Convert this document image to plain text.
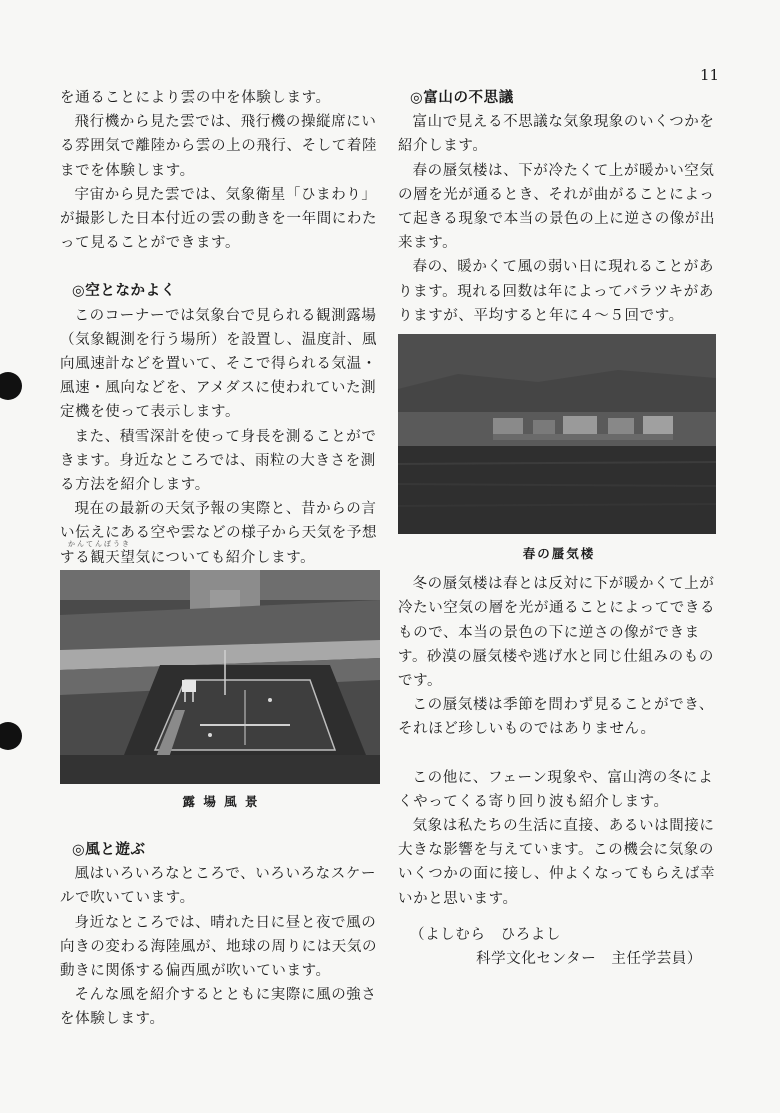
11

を通ることにより雲の中を体験します。

飛行機から見た雲では、飛行機の操縦席にいる雰囲気で離陸から雲の上の飛行、そして着陸までを体験します。

宇宙から見た雲では、気象衛星「ひまわり」が撮影した日本付近の雲の動きを一年間にわたって見ることができます。

◎空となかよく

このコーナーでは気象台で見られる観測露場（気象観測を行う場所）を設置し、温度計、風向風速計などを置いて、そこで得られる気温・風速・風向などを、アメダスに使われていた測定機を使って表示します。

また、積雪深計を使って身長を測ることができます。身近なところでは、雨粒の大きさを測る方法を紹介します。

現在の最新の天気予報の実際と、昔からの言い伝えにある空や雲などの様子から天気を予想する観天望気についても紹介します。

かんてんぼうき
露 場 風 景
◎風と遊ぶ

風はいろいろなところで、いろいろなスケールで吹いています。

身近なところでは、晴れた日に昼と夜で風の向きの変わる海陸風が、地球の周りには天気の動きに関係する偏西風が吹いています。

そんな風を紹介するとともに実際に風の強さを体験します。

◎富山の不思議

富山で見える不思議な気象現象のいくつかを紹介します。

春の蜃気楼は、下が冷たくて上が暖かい空気の層を光が通るとき、それが曲がることによって起きる現象で本当の景色の上に逆さの像が出来ます。

春の、暖かくて風の弱い日に現れることがあります。現れる回数は年によってバラツキがありますが、平均すると年に４～５回です。

春の蜃気楼

冬の蜃気楼は春とは反対に下が暖かくて上が冷たい空気の層を光が通ることによってできるもので、本当の景色の下に逆さの像ができます。砂漠の蜃気楼や逃げ水と同じ仕組みのものです。

この蜃気楼は季節を問わず見ることができ、それほど珍しいものではありません。

この他に、フェーン現象や、富山湾の冬によくやってくる寄り回り波も紹介します。

気象は私たちの生活に直接、あるいは間接に大きな影響を与えています。この機会に気象のいくつかの面に接し、仲よくなってもらえば幸いかと思います。

（よしむら　ひろよし
科学文化センター　主任学芸員）
